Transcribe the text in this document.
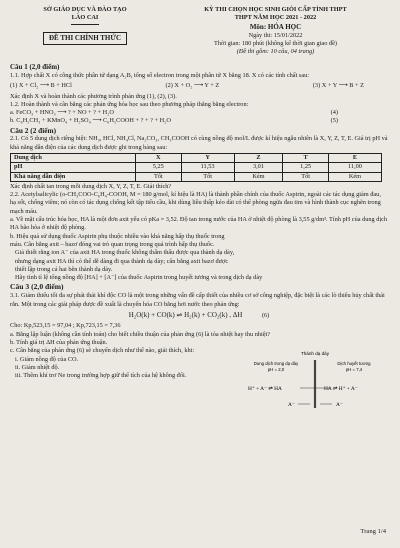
SỞ GIÁO DỤC VÀ ĐÀO TẠO
LÀO CAI
ĐỀ THI CHÍNH THỨC
KỲ THI CHỌN HỌC SINH GIỎI CẤP TỈNH THPT
THPT NĂM HỌC 2021 - 2022
Môn: HÓA HỌC
Ngày thi: 15/01/2022
Thời gian: 180 phút (không kể thời gian giao đề)
(Đề thi gồm: 10 câu, 04 trang)

Câu 1 (2,0 điểm)

1.1. Hợp chất X có công thức phân tử dạng A₂B, tổng số electron trong một phân tử X bằng 18. X có các tính chất sau:

(1) X + Cl₂ ⟶ B + HCl	(2) X + O₂ ⟶ Y + Z	(3) X + Y ⟶ B + Z

Xác định X và hoàn thành các phương trình phản ứng (1), (2), (3).

1.2. Hoàn thành và cân bằng các phản ứng hóa học sau theo phương pháp thăng bằng electron:

a. FeCO₃ + HNO₃ ⟶ ? + NO + ? + H₂O	(4)
b. C₆H₅CH₃ + KMnO₄ + H₂SO₄ ⟶ C₆H₅COOH + ? + ? + H₂O	(5)

Câu 2 (2 điểm)

2.1. Có 5 dung dịch riêng biệt: NH₃, HCl, NH₄Cl, Na₂CO₃, CH₃COOH có cùng nồng độ mol/L được kí hiệu ngẫu nhiên là X, Y, Z, T, E. Giá trị pH và khả năng dẫn điện của các dung dịch được ghi trong bảng sau:

Dung dịch	X	Y	Z	T	E
pH	5,25	11,53	3,01	1,25	11,00
Khả năng dẫn điện	Tốt	Tốt	Kém	Tốt	Kém

Xác định chất tan trong mỗi dung dịch X, Y, Z, T, E. Giải thích?

2.2. Acetylsalicylic (o-CH₃COO-C₆H₄-COOH, M = 180 g/mol, kí hiệu là HA) là thành phần chính của thuốc Aspirin, ngoài các tác dụng giảm đau, hạ sốt, chống viêm; nó còn có tác dụng chống kết tập tiểu cầu, khi dùng liều thấp kéo dài có thể phòng ngừa đau tim và hình thành cục nghẽn trong mạch máu.

a. Về mặt cấu trúc hóa học, HA là một đơn axit yếu có pKa = 3,52. Độ tan trong nước của HA ở nhiệt độ phòng là 3,55 g/dm³. Tính pH của dung dịch HA bão hòa ở nhiệt độ phòng.

b. Hiệu quả sử dụng thuốc Aspirin phụ thuộc nhiều vào khả năng hấp thụ thuốc trong máu. Cân bằng axit – bazơ đóng vai trò quan trọng trong quá trình hấp thụ thuốc.

Giả thiết rằng ion A⁻ của axit HA trong thuốc không thấm thấu được qua thành dạ dày, nhưng dạng axit HA thì có thể dễ dàng đi qua thành dạ dày; cân bằng axit bazơ được thiết lập trong cả hai bên thành dạ dày.

Hãy tính tỉ lệ tổng nồng độ [HA] + [A⁻] của thuốc Aspirin trong huyết tương và trong dịch dạ dày

Thành dạ dày
Dung dịch trong dạ dày
pH = 2,0
Dịch huyết tương
pH = 7,4
H⁺ + A⁻ ⇌ HA	HA ⇌ H⁺ + A⁻
A⁻	A⁻

Câu 3 (2,0 điểm)

3.1. Giảm thiểu tối đa sự phát thải khí độc CO là một trong những vấn đề cấp thiết của nhiều cơ sở công nghiệp, đặc biệt là các lò thiêu hủy chất thải rắn. Một trong các giải pháp được đề xuất là chuyển hóa CO bằng hơi nước theo phản ứng:

H₂O(k) + CO(k) ⇌ H₂(k) + CO₂(k) , ΔH	(6)

Cho: Kp,523,15 = 97,04 ; Kp,723,15 = 7,36

a. Bằng lập luận (không cần tính toán) cho biết chiều thuận của phản ứng (6) là tỏa nhiệt hay thu nhiệt?

b. Tính giá trị ΔH của phản ứng thuận.

c. Cân bằng của phản ứng (6) sẽ chuyển dịch như thế nào, giải thích, khi:

i. Giảm nồng độ của CO.

ii. Giảm nhiệt độ.

iii. Thêm khí trơ Ne trong trường hợp giữ thể tích của hệ không đổi.

Trang 1/4
